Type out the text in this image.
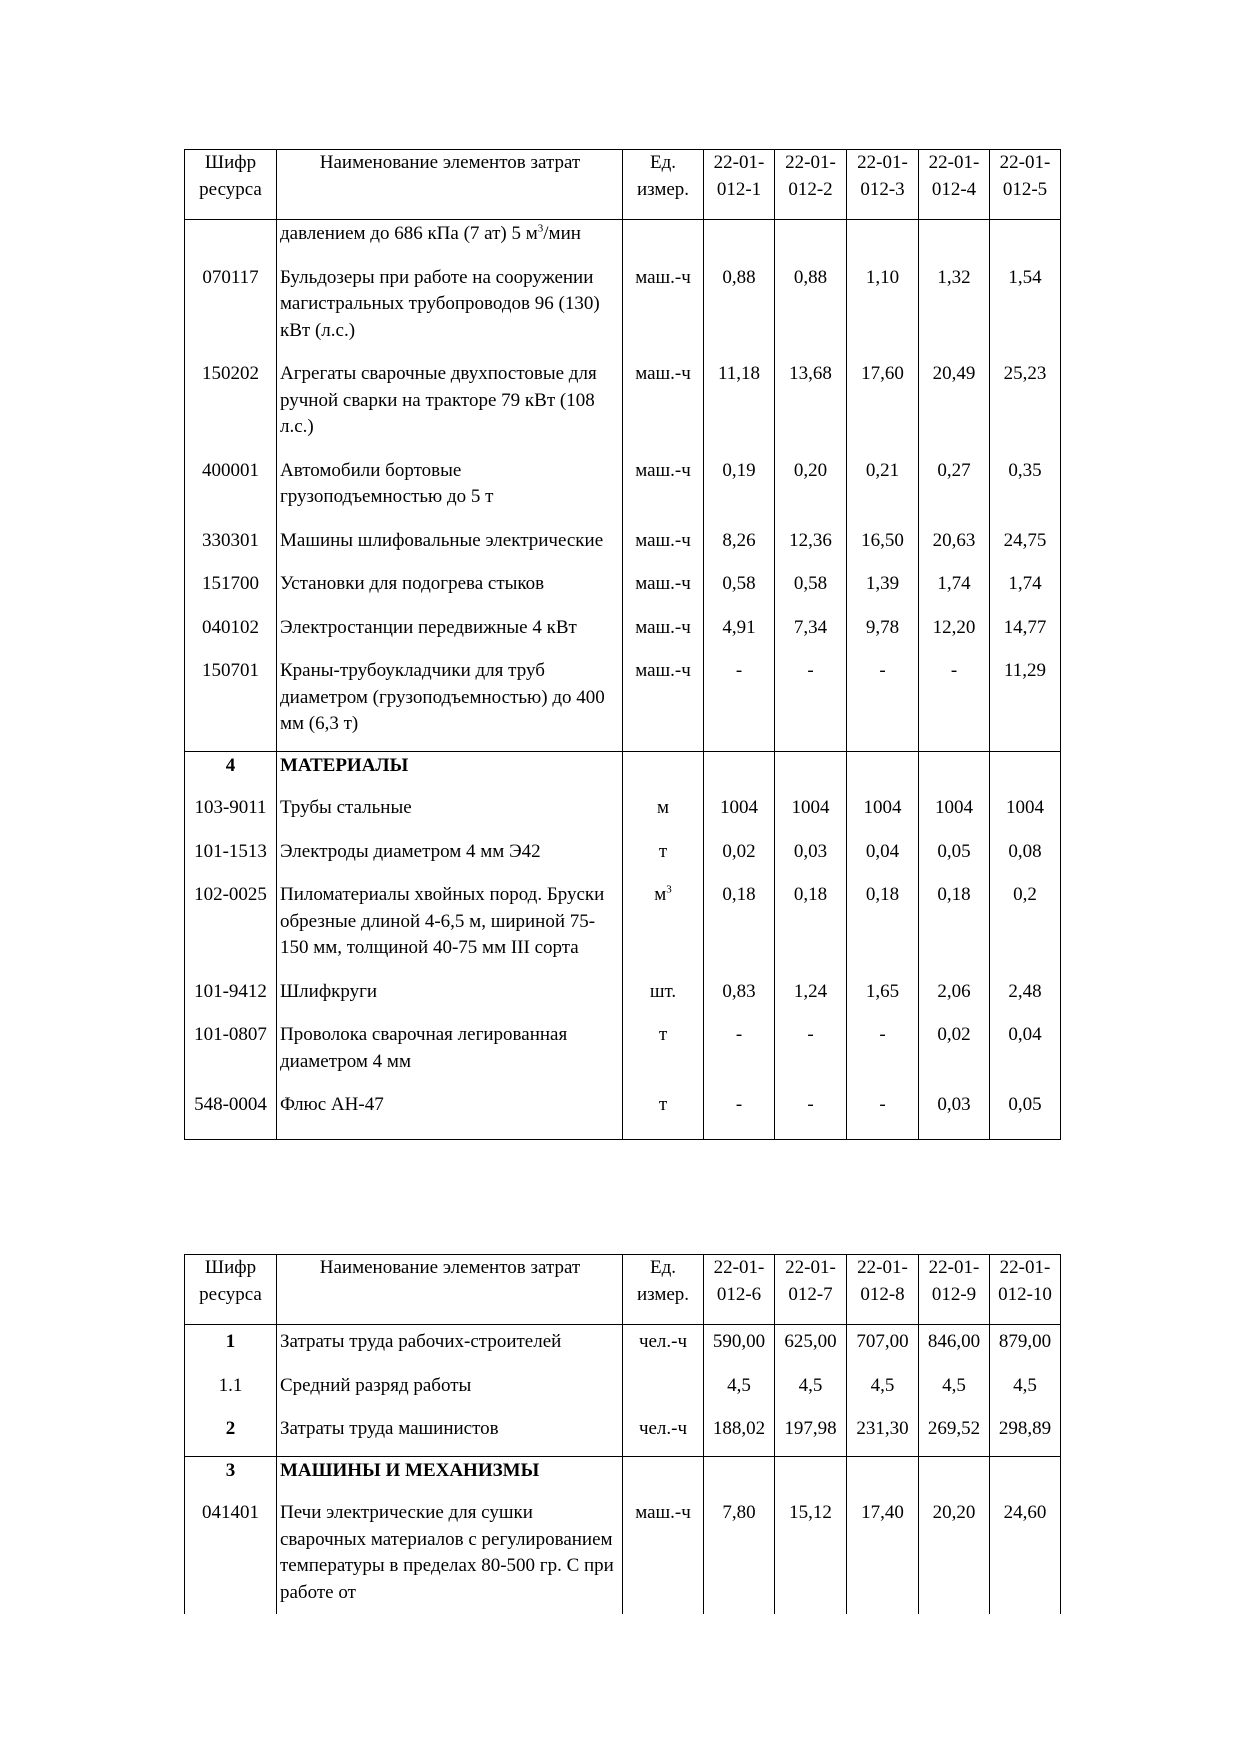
Шифр ресурса	Наименование элементов затрат	Ед. измер.	22-01-012-1	22-01-012-2	22-01-012-3	22-01-012-4	22-01-012-5
	давлением до 686 кПа (7 ат) 5 $м^3$/мин						
070117	Бульдозеры при работе на сооружении магистральных трубопроводов 96 (130) кВт (л.с.)	маш.-ч	0,88	0,88	1,10	1,32	1,54
150202	Агрегаты сварочные двухпостовые для ручной сварки на тракторе 79 кВт (108 л.с.)	маш.-ч	11,18	13,68	17,60	20,49	25,23
400001	Автомобили бортовые грузоподъемностью до 5 т	маш.-ч	0,19	0,20	0,21	0,27	0,35
330301	Машины шлифовальные электрические	маш.-ч	8,26	12,36	16,50	20,63	24,75
151700	Установки для подогрева стыков	маш.-ч	0,58	0,58	1,39	1,74	1,74
040102	Электростанции передвижные 4 кВт	маш.-ч	4,91	7,34	9,78	12,20	14,77
150701	Краны-трубоукладчики для труб диаметром (грузоподъемностью) до 400 мм (6,3 т)	маш.-ч	-	-	-	-	11,29
4	МАТЕРИАЛЫ						
103-9011	Трубы стальные	м	1004	1004	1004	1004	1004
101-1513	Электроды диаметром 4 мм Э42	т	0,02	0,03	0,04	0,05	0,08
102-0025	Пиломатериалы хвойных пород. Бруски обрезные длиной 4-6,5 м, шириной 75-150 мм, толщиной 40-75 мм III сорта	$м^3$	0,18	0,18	0,18	0,18	0,2
101-9412	Шлифкруги	шт.	0,83	1,24	1,65	2,06	2,48
101-0807	Проволока сварочная легированная диаметром 4 мм	т	-	-	-	0,02	0,04
548-0004	Флюс АН-47	т	-	-	-	0,03	0,05
Шифр ресурса	Наименование элементов затрат	Ед. измер.	22-01-012-6	22-01-012-7	22-01-012-8	22-01-012-9	22-01-012-10
1	Затраты труда рабочих-строителей	чел.-ч	590,00	625,00	707,00	846,00	879,00
1.1	Средний разряд работы		4,5	4,5	4,5	4,5	4,5
2	Затраты труда машинистов	чел.-ч	188,02	197,98	231,30	269,52	298,89
3	МАШИНЫ И МЕХАНИЗМЫ						
041401	Печи электрические для сушки сварочных материалов с регулированием температуры в пределах 80-500 гр. С при работе от	маш.-ч	7,80	15,12	17,40	20,20	24,60
